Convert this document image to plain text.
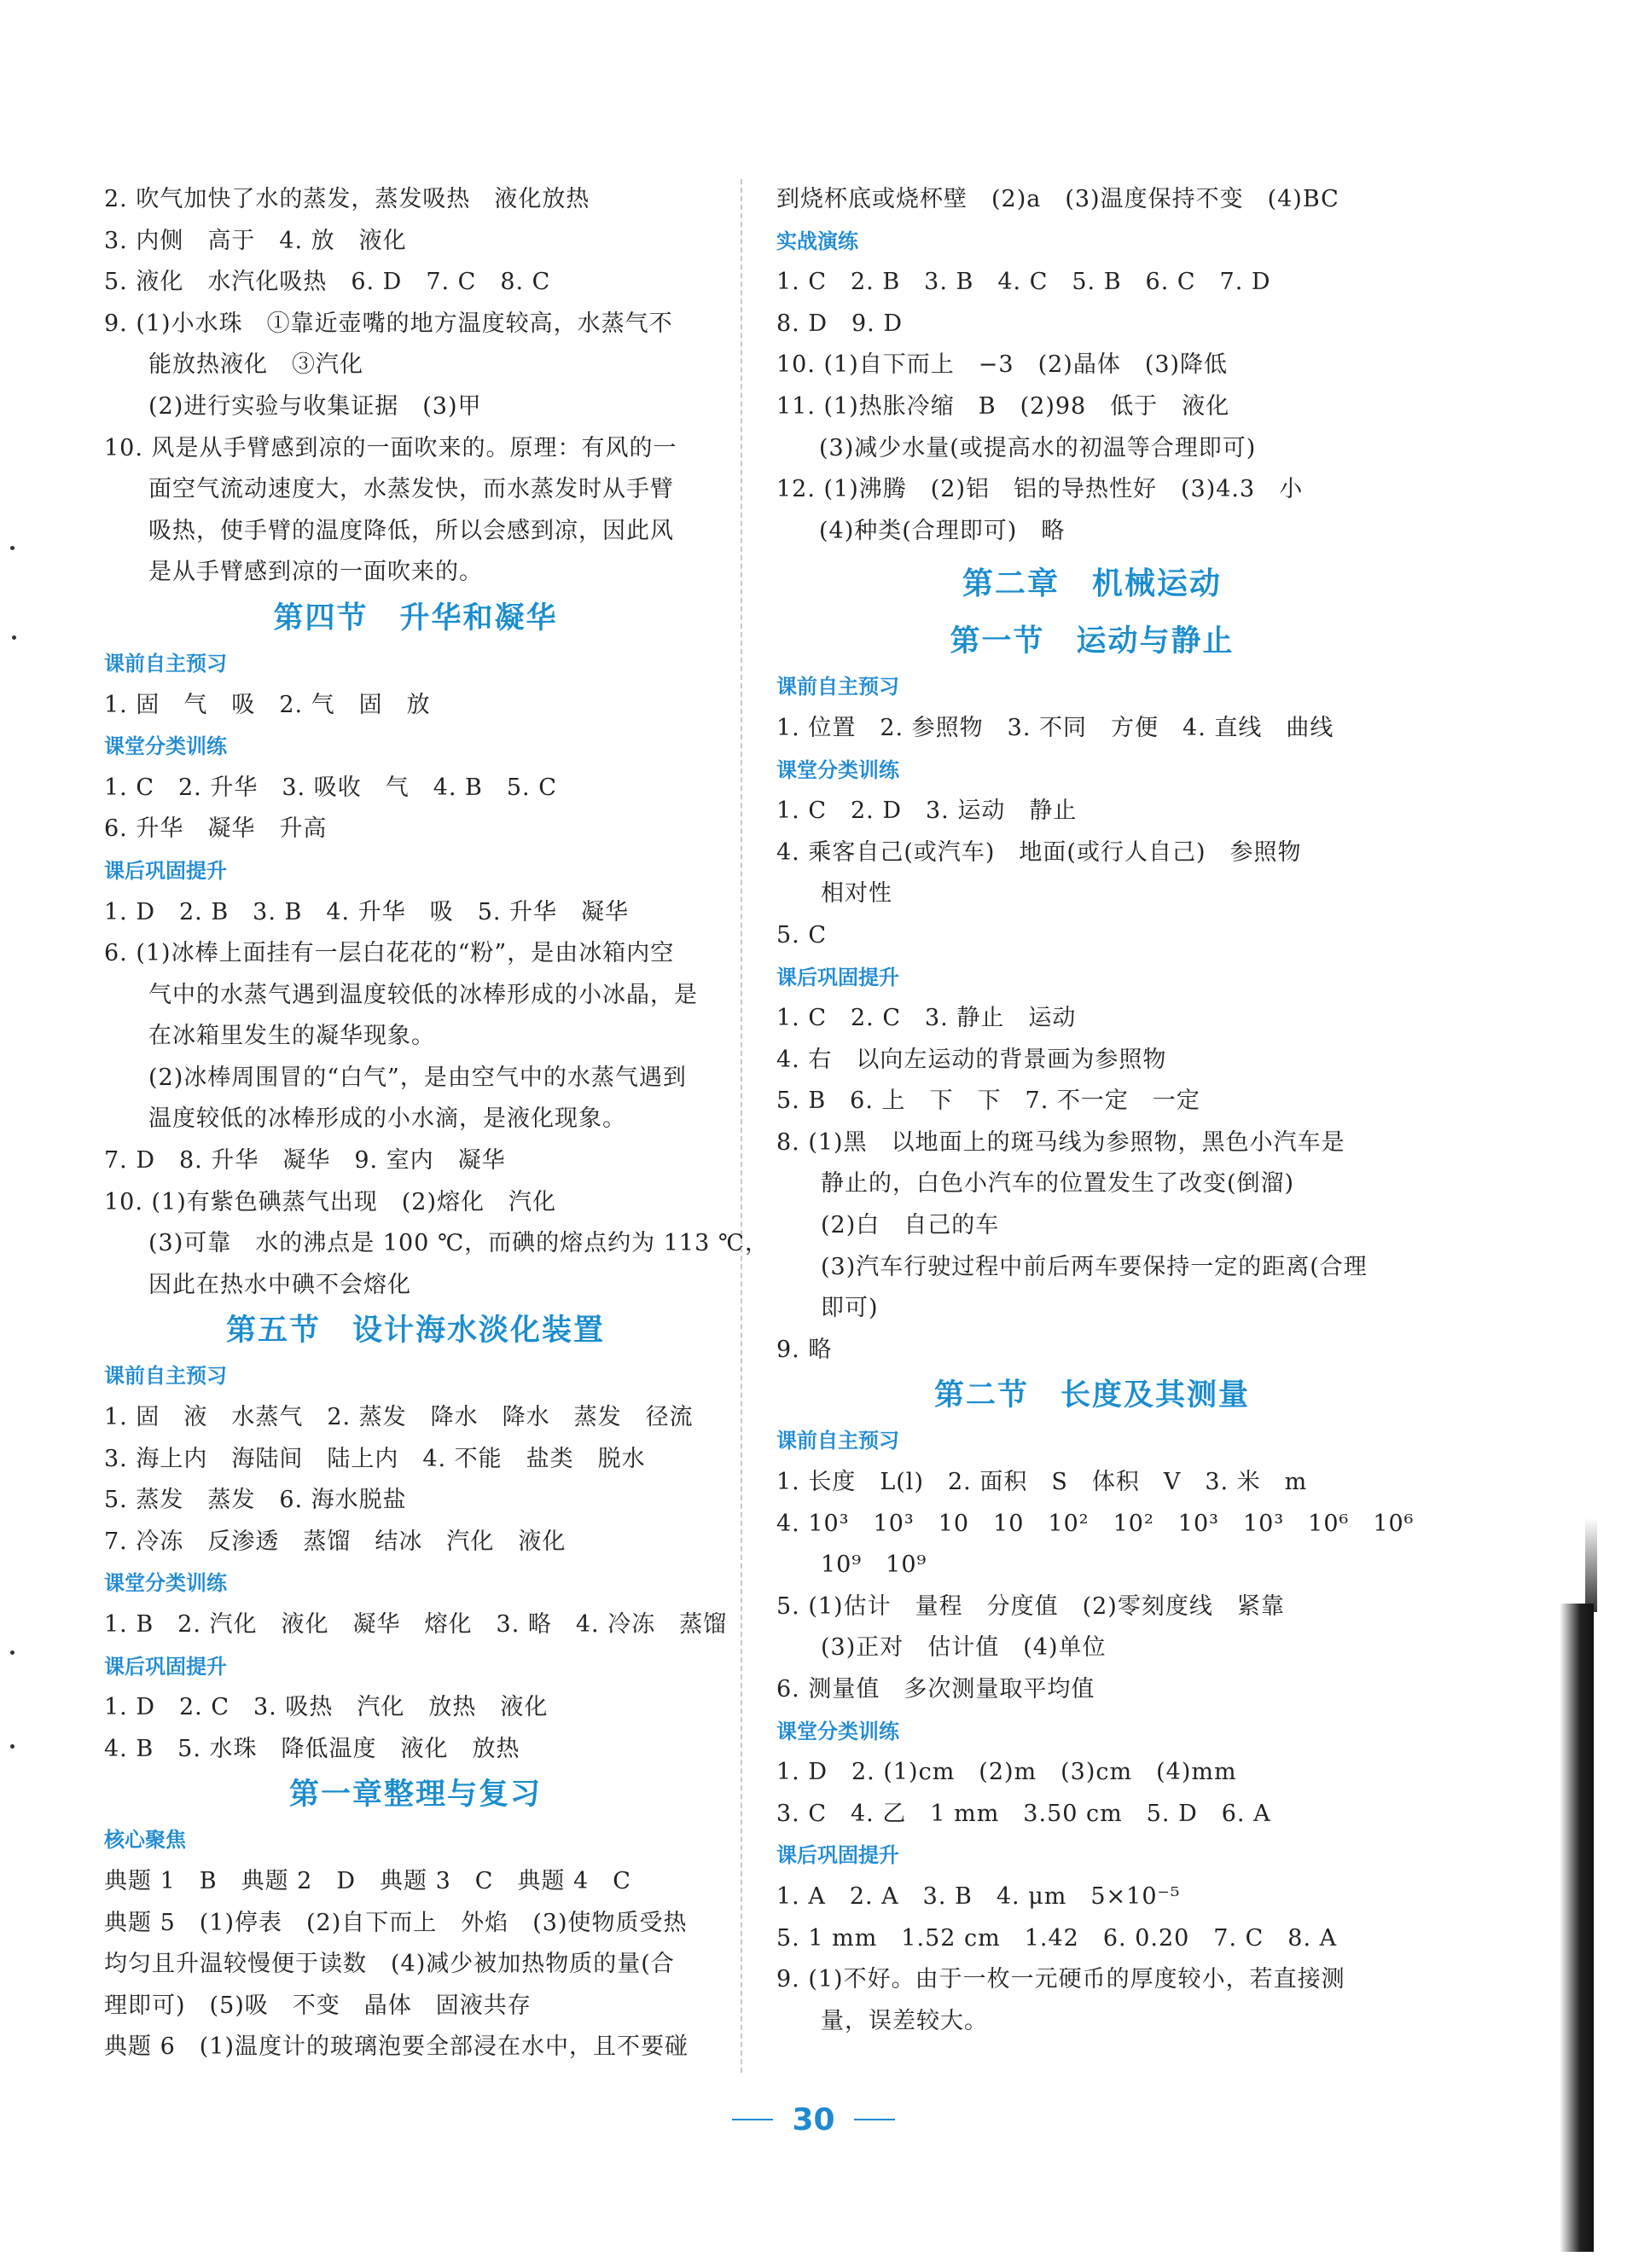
2. 吹气加快了水的蒸发，蒸发吸热　液化放热
3. 内侧　高于　4. 放　液化
5. 液化　水汽化吸热　6. D　7. C　8. C
9. (1)小水珠　①靠近壶嘴的地方温度较高，水蒸气不
能放热液化　③汽化
(2)进行实验与收集证据　(3)甲
10. 风是从手臂感到凉的一面吹来的。原理：有风的一
面空气流动速度大，水蒸发快，而水蒸发时从手臂
吸热，使手臂的温度降低，所以会感到凉，因此风
是从手臂感到凉的一面吹来的。
第四节　升华和凝华
课前自主预习
1. 固　气　吸　2. 气　固　放
课堂分类训练
1. C　2. 升华　3. 吸收　气　4. B　5. C
6. 升华　凝华　升高
课后巩固提升
1. D　2. B　3. B　4. 升华　吸　5. 升华　凝华
6. (1)冰棒上面挂有一层白花花的“粉”，是由冰箱内空
气中的水蒸气遇到温度较低的冰棒形成的小冰晶，是
在冰箱里发生的凝华现象。
(2)冰棒周围冒的“白气”，是由空气中的水蒸气遇到
温度较低的冰棒形成的小水滴，是液化现象。
7. D　8. 升华　凝华　9. 室内　凝华
10. (1)有紫色碘蒸气出现　(2)熔化　汽化
(3)可靠　水的沸点是 100 ℃，而碘的熔点约为 113 ℃，
因此在热水中碘不会熔化
第五节　设计海水淡化装置
课前自主预习
1. 固　液　水蒸气　2. 蒸发　降水　降水　蒸发　径流
3. 海上内　海陆间　陆上内　4. 不能　盐类　脱水
5. 蒸发　蒸发　6. 海水脱盐
7. 冷冻　反渗透　蒸馏　结冰　汽化　液化
课堂分类训练
1. B　2. 汽化　液化　凝华　熔化　3. 略　4. 冷冻　蒸馏
课后巩固提升
1. D　2. C　3. 吸热　汽化　放热　液化
4. B　5. 水珠　降低温度　液化　放热
第一章整理与复习
核心聚焦
典题 1　B　典题 2　D　典题 3　C　典题 4　C
典题 5　(1)停表　(2)自下而上　外焰　(3)使物质受热
均匀且升温较慢便于读数　(4)减少被加热物质的量(合
理即可)　(5)吸　不变　晶体　固液共存
典题 6　(1)温度计的玻璃泡要全部浸在水中，且不要碰
到烧杯底或烧杯壁　(2)a　(3)温度保持不变　(4)BC
实战演练
1. C　2. B　3. B　4. C　5. B　6. C　7. D
8. D　9. D
10. (1)自下而上　−3　(2)晶体　(3)降低
11. (1)热胀冷缩　B　(2)98　低于　液化
(3)减少水量(或提高水的初温等合理即可)
12. (1)沸腾　(2)铝　铝的导热性好　(3)4.3　小
(4)种类(合理即可)　略
第二章　机械运动
第一节　运动与静止
课前自主预习
1. 位置　2. 参照物　3. 不同　方便　4. 直线　曲线
课堂分类训练
1. C　2. D　3. 运动　静止
4. 乘客自己(或汽车)　地面(或行人自己)　参照物
相对性
5. C
课后巩固提升
1. C　2. C　3. 静止　运动
4. 右　以向左运动的背景画为参照物
5. B　6. 上　下　下　7. 不一定　一定
8. (1)黑　以地面上的斑马线为参照物，黑色小汽车是
静止的，白色小汽车的位置发生了改变(倒溜)
(2)白　自己的车
(3)汽车行驶过程中前后两车要保持一定的距离(合理
即可)
9. 略
第二节　长度及其测量
课前自主预习
1. 长度　L(l)　2. 面积　S　体积　V　3. 米　m
4. 10³　10³　10　10　10²　10²　10³　10³　10⁶　10⁶
10⁹　10⁹
5. (1)估计　量程　分度值　(2)零刻度线　紧靠
(3)正对　估计值　(4)单位
6. 测量值　多次测量取平均值
课堂分类训练
1. D　2. (1)cm　(2)m　(3)cm　(4)mm
3. C　4. 乙　1 mm　3.50 cm　5. D　6. A
课后巩固提升
1. A　2. A　3. B　4. μm　5×10⁻⁵
5. 1 mm　1.52 cm　1.42　6. 0.20　7. C　8. A
9. (1)不好。由于一枚一元硬币的厚度较小，若直接测
量，误差较大。
30
